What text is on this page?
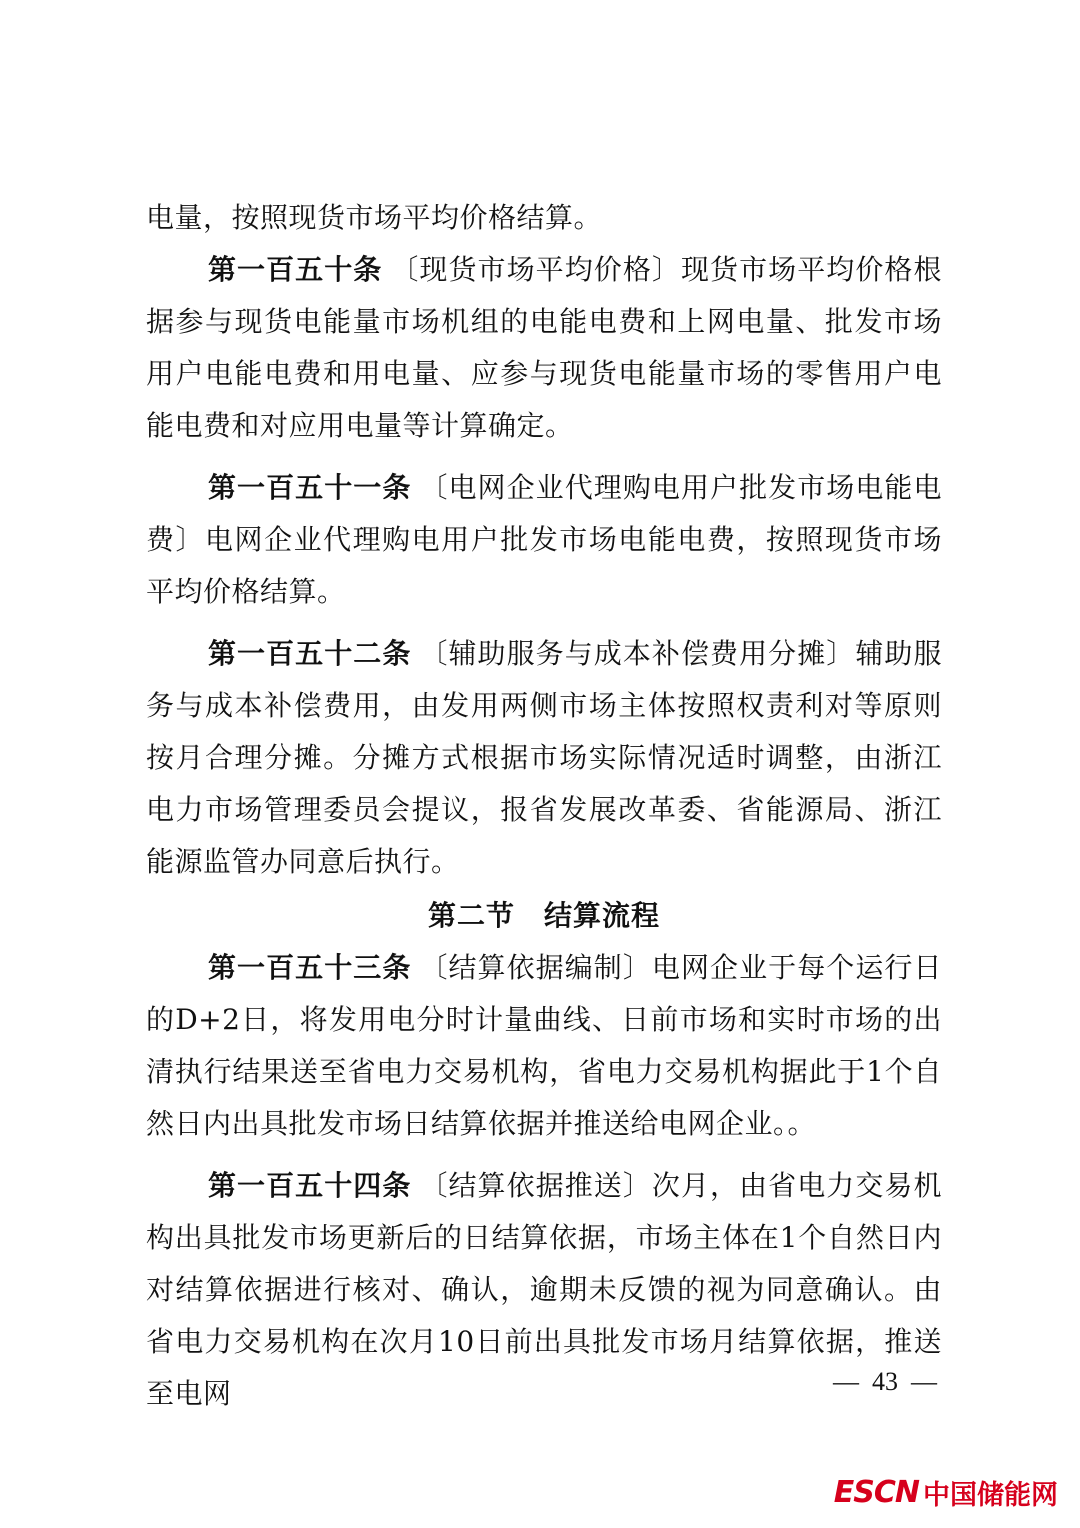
电量，按照现货市场平均价格结算。

第一百五十条 〔现货市场平均价格〕现货市场平均价格根据参与现货电能量市场机组的电能电费和上网电量、批发市场用户电能电费和用电量、应参与现货电能量市场的零售用户电能电费和对应用电量等计算确定。

第一百五十一条 〔电网企业代理购电用户批发市场电能电费〕电网企业代理购电用户批发市场电能电费，按照现货市场平均价格结算。

第一百五十二条 〔辅助服务与成本补偿费用分摊〕辅助服务与成本补偿费用，由发用两侧市场主体按照权责利对等原则按月合理分摊。分摊方式根据市场实际情况适时调整，由浙江电力市场管理委员会提议，报省发展改革委、省能源局、浙江能源监管办同意后执行。

第二节　结算流程

第一百五十三条 〔结算依据编制〕电网企业于每个运行日的D+2日，将发用电分时计量曲线、日前市场和实时市场的出清执行结果送至省电力交易机构，省电力交易机构据此于1个自然日内出具批发市场日结算依据并推送给电网企业。。

第一百五十四条 〔结算依据推送〕次月，由省电力交易机构出具批发市场更新后的日结算依据，市场主体在1个自然日内对结算依据进行核对、确认，逾期未反馈的视为同意确认。由省电力交易机构在次月10日前出具批发市场月结算依据，推送至电网	—  43  —
ESCN 中国储能网
